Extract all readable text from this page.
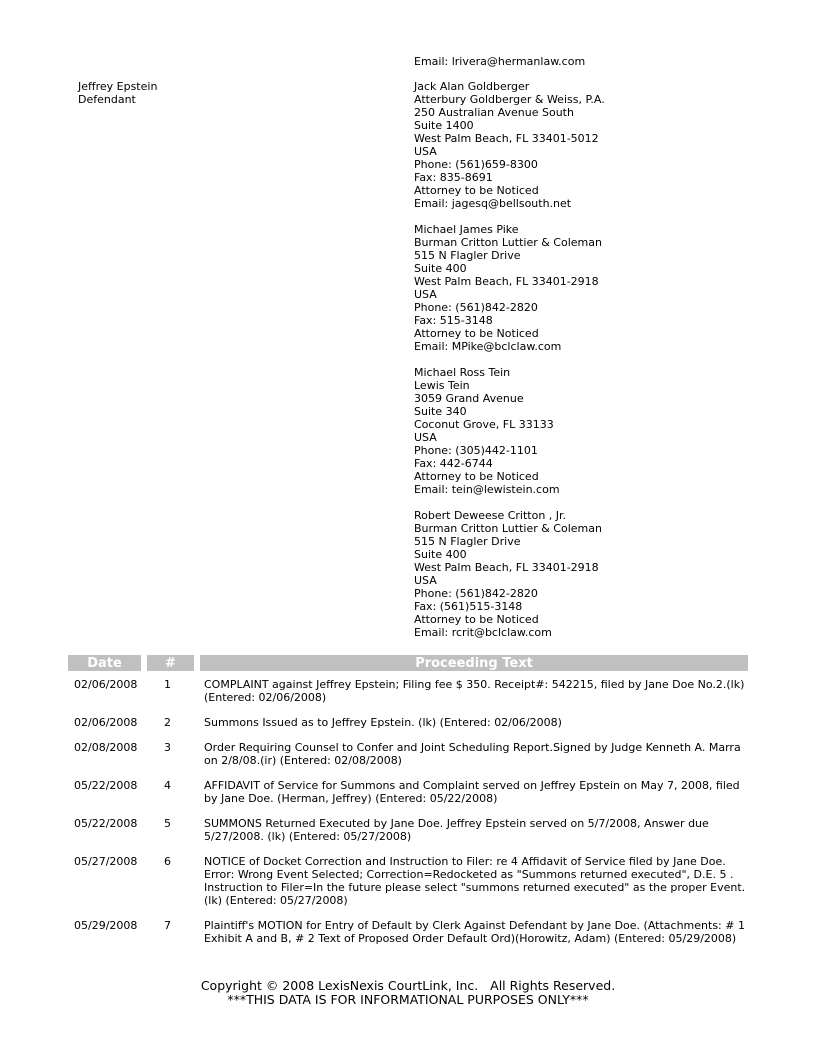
Email: lrivera@hermanlaw.com
Jeffrey Epstein
Defendant
Jack Alan Goldberger
Atterbury Goldberger & Weiss, P.A.
250 Australian Avenue South
Suite 1400
West Palm Beach, FL 33401-5012
USA
Phone: (561)659-8300
Fax: 835-8691
Attorney to be Noticed
Email: jagesq@bellsouth.net
Michael James Pike
Burman Critton Luttier & Coleman
515 N Flagler Drive
Suite 400
West Palm Beach, FL 33401-2918
USA
Phone: (561)842-2820
Fax: 515-3148
Attorney to be Noticed
Email: MPike@bclclaw.com
Michael Ross Tein
Lewis Tein
3059 Grand Avenue
Suite 340
Coconut Grove, FL 33133
USA
Phone: (305)442-1101
Fax: 442-6744
Attorney to be Noticed
Email: tein@lewistein.com
Robert Deweese Critton , Jr.
Burman Critton Luttier & Coleman
515 N Flagler Drive
Suite 400
West Palm Beach, FL 33401-2918
USA
Phone: (561)842-2820
Fax: (561)515-3148
Attorney to be Noticed
Email: rcrit@bclclaw.com
Date	#	Proceeding Text
02/06/2008	1	COMPLAINT against Jeffrey Epstein; Filing fee $ 350. Receipt#: 542215, filed by Jane Doe No.2.(lk)
(Entered: 02/06/2008)
02/06/2008	2	Summons Issued as to Jeffrey Epstein. (lk) (Entered: 02/06/2008)
02/08/2008	3	Order Requiring Counsel to Confer and Joint Scheduling Report.Signed by Judge Kenneth A. Marra
on 2/8/08.(ir) (Entered: 02/08/2008)
05/22/2008	4	AFFIDAVIT of Service for Summons and Complaint served on Jeffrey Epstein on May 7, 2008, filed
by Jane Doe. (Herman, Jeffrey) (Entered: 05/22/2008)
05/22/2008	5	SUMMONS Returned Executed by Jane Doe. Jeffrey Epstein served on 5/7/2008, Answer due
5/27/2008. (lk) (Entered: 05/27/2008)
05/27/2008	6	NOTICE of Docket Correction and Instruction to Filer: re 4 Affidavit of Service filed by Jane Doe.
Error: Wrong Event Selected; Correction=Redocketed as "Summons returned executed", D.E. 5 .
Instruction to Filer=In the future please select "summons returned executed" as the proper Event.
(lk) (Entered: 05/27/2008)
05/29/2008	7	Plaintiff's MOTION for Entry of Default by Clerk Against Defendant by Jane Doe. (Attachments: # 1
Exhibit A and B, # 2 Text of Proposed Order Default Ord)(Horowitz, Adam) (Entered: 05/29/2008)
Copyright © 2008 LexisNexis CourtLink, Inc.   All Rights Reserved.
***THIS DATA IS FOR INFORMATIONAL PURPOSES ONLY***
